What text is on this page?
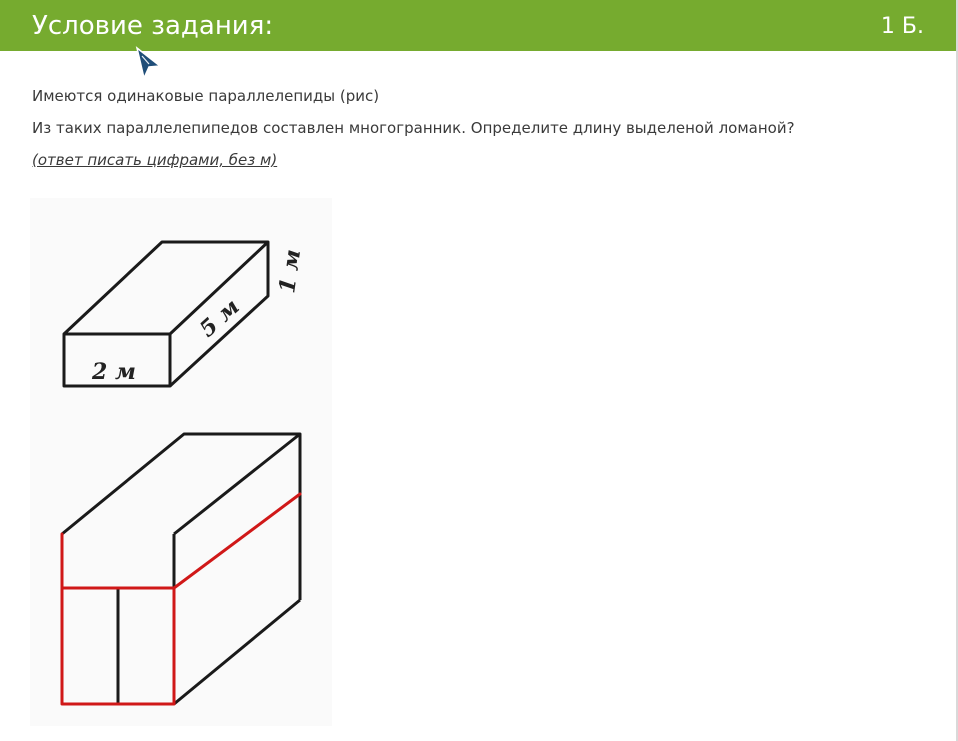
Условие задания:	1 Б.
Имеются одинаковые параллелепиды (рис)
Из таких параллелепипедов составлен многогранник. Определите длину выделеной ломаной?
(ответ писать цифрами, без м)
2 м
5 м
1 м
